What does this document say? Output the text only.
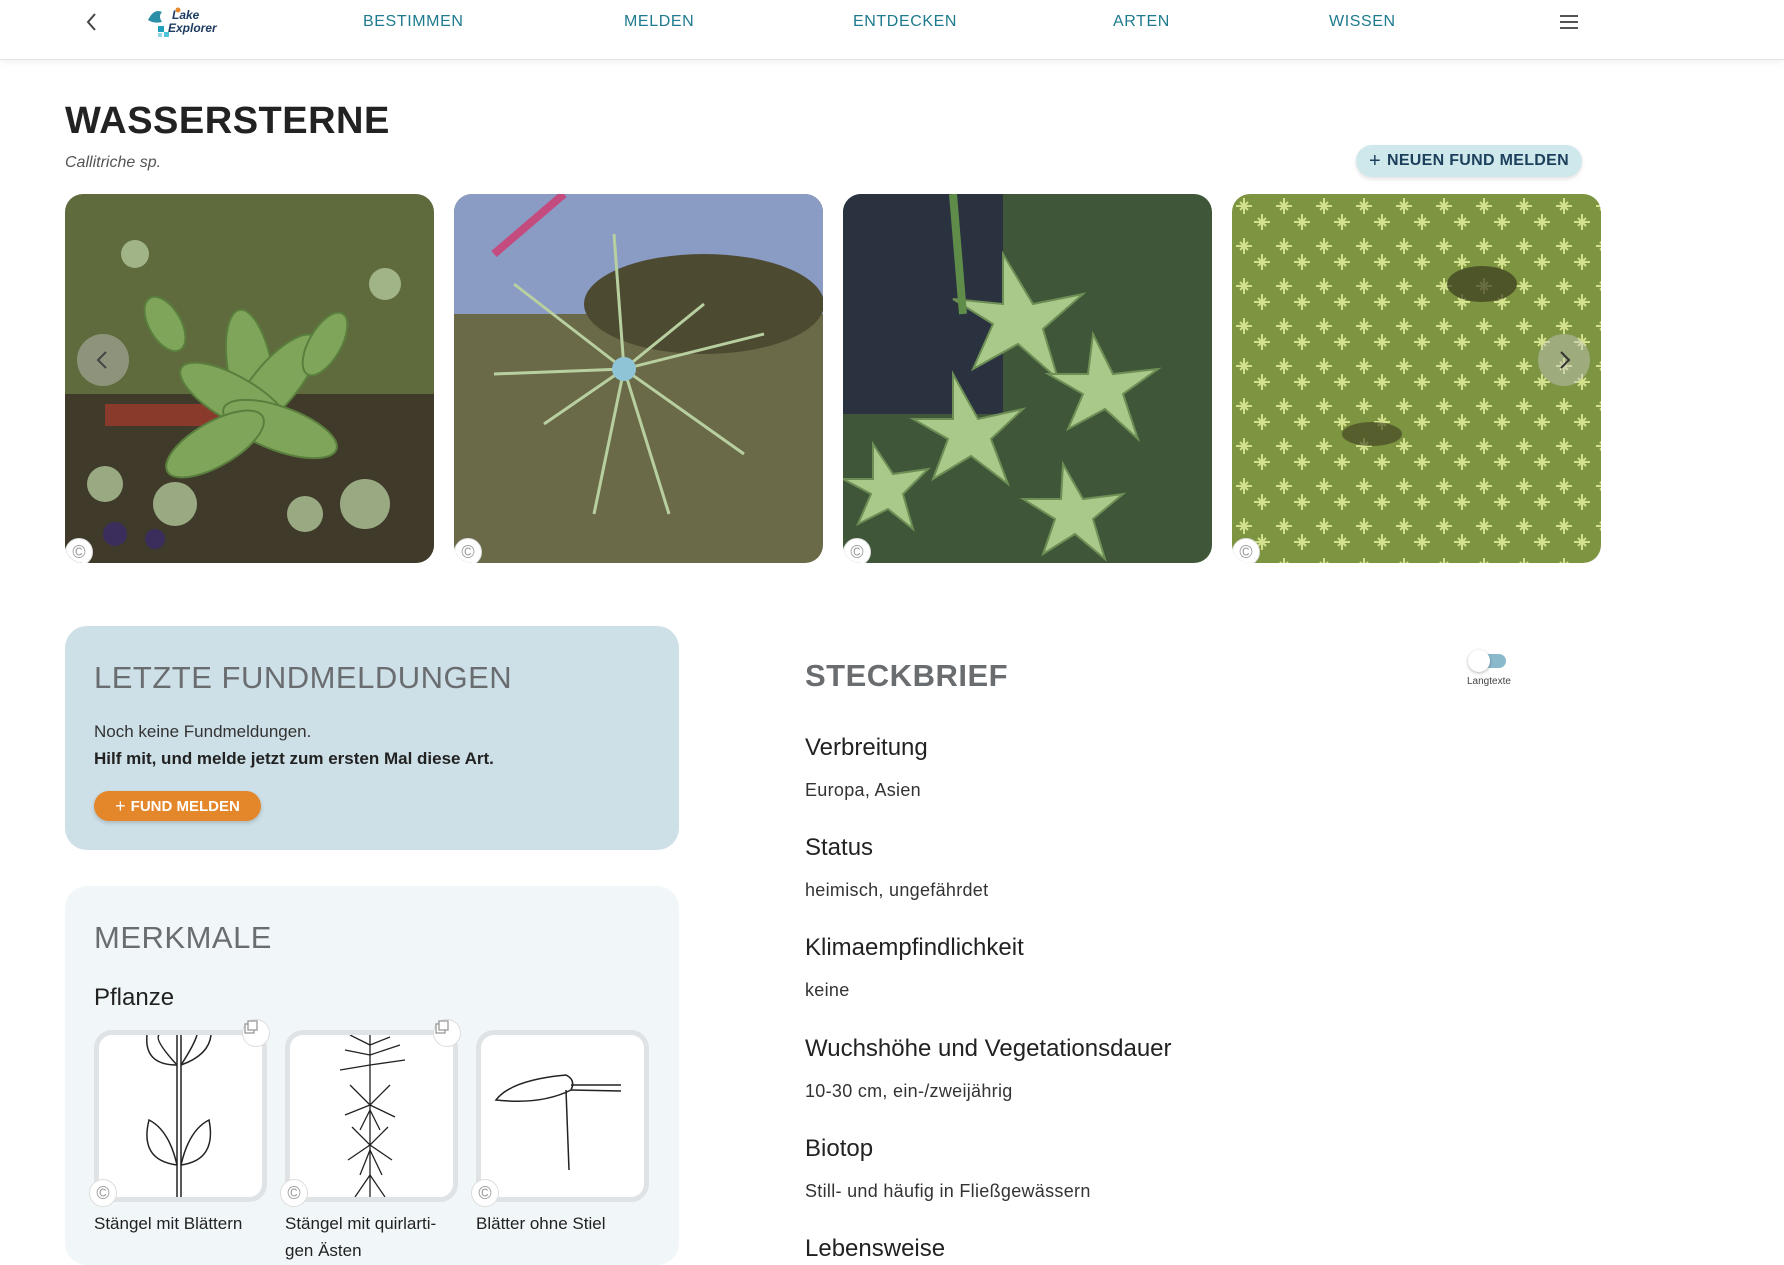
Lake
Explorer	BESTIMMEN	MELDEN	ENTDECKEN	ARTEN	WISSEN
WASSERSTERNE
Callitriche sp.	+ NEUEN FUND MELDEN
©	©	©	©
LETZTE FUNDMELDUNGEN
Noch keine Fundmeldungen.
Hilf mit, und melde jetzt zum ersten Mal diese Art.
+ FUND MELDEN
MERKMALE
Pflanze
©	©	©
Stängel mit Blättern	Stängel mit quirlarti-
gen Ästen
Blätter ohne Stiel
STECKBRIEF	Langtexte
Verbreitung
Europa, Asien
Status
heimisch, ungefährdet
Klimaempfindlichkeit
keine
Wuchshöhe und Vegetationsdauer
10-30 cm, ein-/zweijährig
Biotop
Still- und häufig in Fließgewässern
Lebensweise
